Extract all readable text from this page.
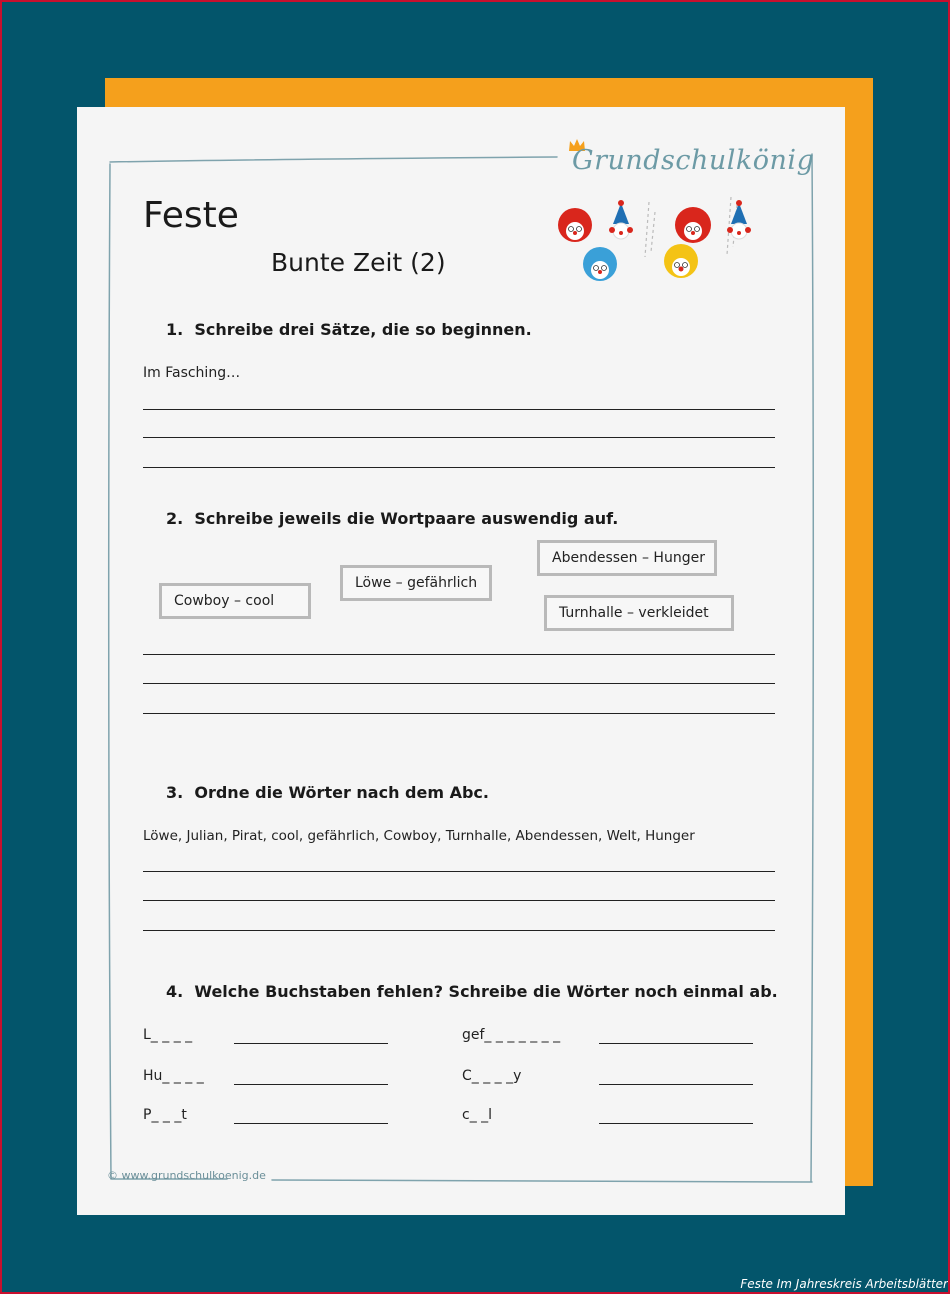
Grundschulkönig
Feste
Bunte Zeit (2)
1. Schreibe drei Sätze, die so beginnen.
Im Fasching…
2. Schreibe jeweils die Wortpaare auswendig auf.
Cowboy – cool
Löwe – gefährlich
Abendessen – Hunger
Turnhalle – verkleidet
3. Ordne die Wörter nach dem Abc.
Löwe, Julian, Pirat, cool, gefährlich, Cowboy, Turnhalle, Abendessen, Welt, Hunger
4. Welche Buchstaben fehlen? Schreibe die Wörter noch einmal ab.
L_ _ _ _
Hu_ _ _ _
P_ _ _t
gef_ _ _ _ _ _ _
C_ _ _ _y
c_ _l
© www.grundschulkoenig.de
Feste Im Jahreskreis Arbeitsblätter
